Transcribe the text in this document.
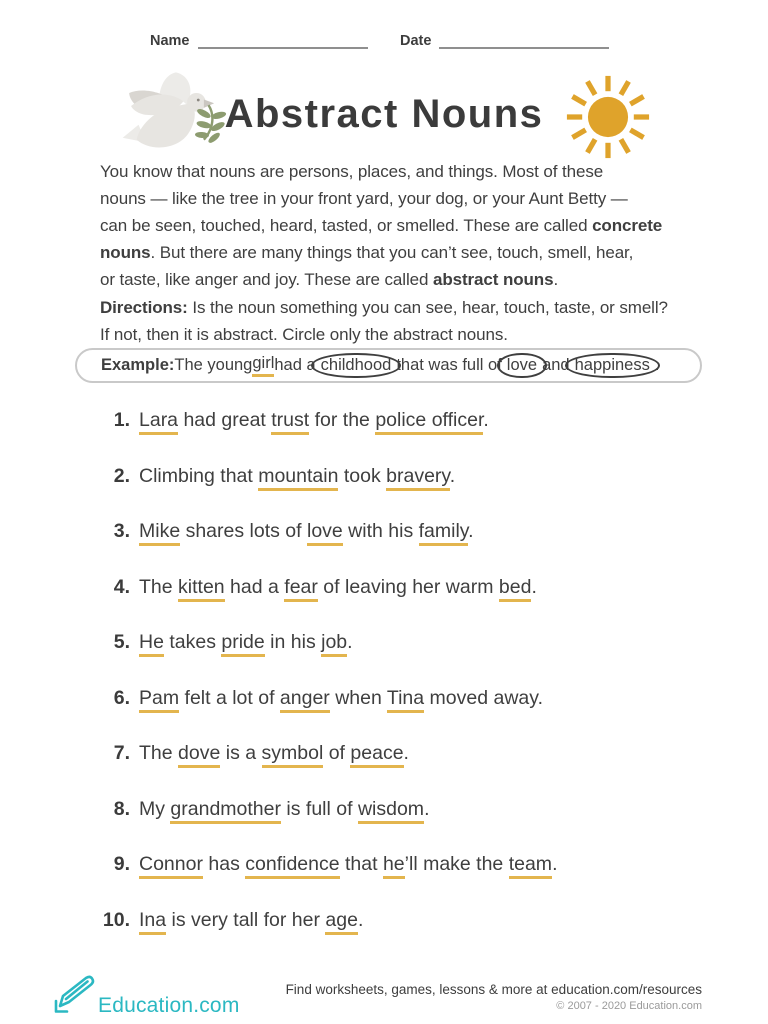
Name	Date
Abstract Nouns
You know that nouns are persons, places, and things. Most of these
nouns — like the tree in your front yard, your dog, or your Aunt Betty —
can be seen, touched, heard, tasted, or smelled. These are called concrete
nouns. But there are many things that you can’t see, touch, smell, hear,
or taste, like anger and joy. These are called abstract nouns.
Directions: Is the noun something you can see, hear, touch, taste, or smell?
If not, then it is abstract. Circle only the abstract nouns.
Example: The young girl had a childhood that was full of love and happiness .
1. Lara had great trust for the police officer.
2. Climbing that mountain took bravery.
3. Mike shares lots of love with his family.
4. The kitten had a fear of leaving her warm bed.
5. He takes pride in his job.
6. Pam felt a lot of anger when Tina moved away.
7. The dove is a symbol of peace.
8. My grandmother is full of wisdom.
9. Connor has confidence that he’ll make the team.
10. Ina is very tall for her age.
Education.com
Find worksheets, games, lessons & more at education.com/resources
© 2007 - 2020 Education.com
